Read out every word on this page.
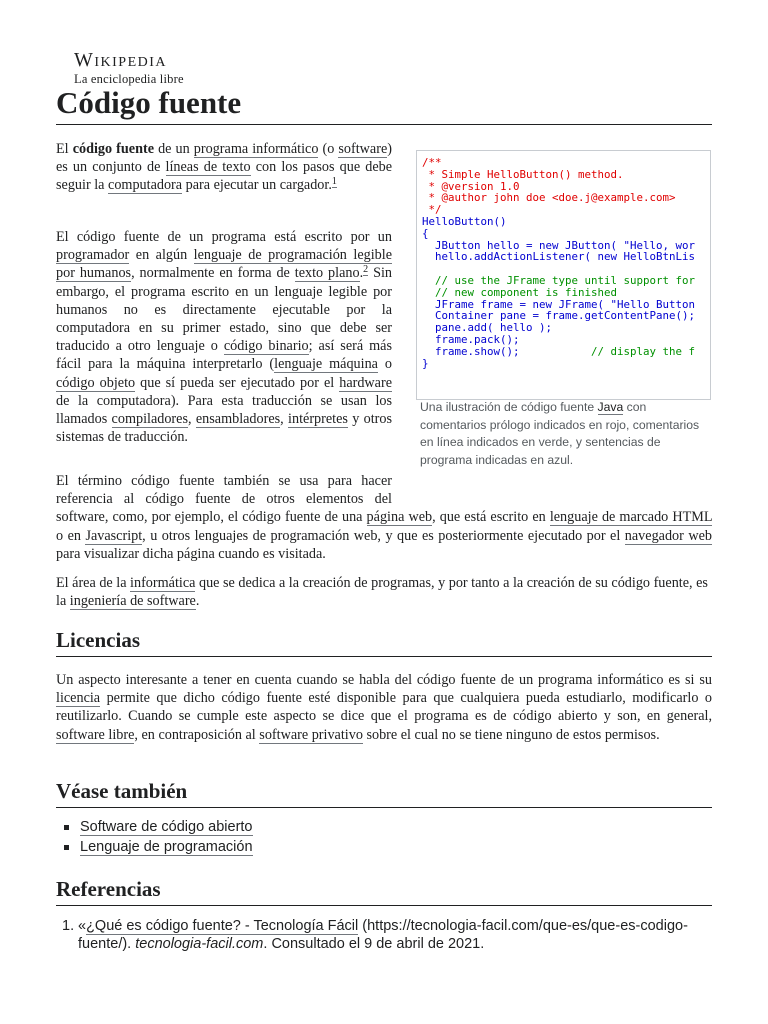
Wikipedia
La enciclopedia libre
Código fuente

El código fuente de un programa informático (o software) es un conjunto de líneas de texto con los pasos que debe seguir la computadora para ejecutar un cargador.$^1$

El código fuente de un programa está escrito por un programador en algún lenguaje de programación legible por humanos, normalmente en forma de texto plano.$^2$ Sin embargo, el programa escrito en un lenguaje legible por humanos no es directamente ejecutable por la computadora en su primer estado, sino que debe ser traducido a otro lenguaje o código binario; así será más fácil para la máquina interpretarlo (lenguaje máquina o código objeto que sí pueda ser ejecutado por el hardware de la computadora). Para esta traducción se usan los llamados compiladores, ensambladores, intérpretes y otros sistemas de traducción.

El término código fuente también se usa para hacer referencia al código fuente de otros elementos del software, como, por ejemplo, el código fuente de una página web, que está escrito en lenguaje de marcado HTML o en Javascript, u otros lenguajes de programación web, y que es posteriormente ejecutado por el navegador web para visualizar dicha página cuando es visitada.

El área de la informática que se dedica a la creación de programas, y por tanto a la creación de su código fuente, es la ingeniería de software.

/**
* Simple HelloButton() method.
* @version 1.0
* @author john doe <doe.j@example.com>
*/
HelloButton()
{
JButton hello = new JButton( "Hello, wor
hello.addActionListener( new HelloBtnLis

// use the JFrame type until support for
// new component is finished
JFrame frame = new JFrame( "Hello Button
Container pane = frame.getContentPane();
pane.add( hello );
frame.pack();
frame.show();           // display the f
}
Una ilustración de código fuente Java con comentarios prólogo indicados en rojo, comentarios en línea indicados en verde, y sentencias de programa indicadas en azul.
Licencias

Un aspecto interesante a tener en cuenta cuando se habla del código fuente de un programa informático es si su licencia permite que dicho código fuente esté disponible para que cualquiera pueda estudiarlo, modificarlo o reutilizarlo. Cuando se cumple este aspecto se dice que el programa es de código abierto y son, en general, software libre, en contraposición al software privativo sobre el cual no se tiene ninguno de estos permisos.

Véase también
Software de código abierto
Lenguaje de programación
Referencias
1. «¿Qué es código fuente? - Tecnología Fácil (https://tecnologia-facil.com/que-es/que-es-codigo-fuente/). tecnologia-facil.com. Consultado el 9 de abril de 2021.
